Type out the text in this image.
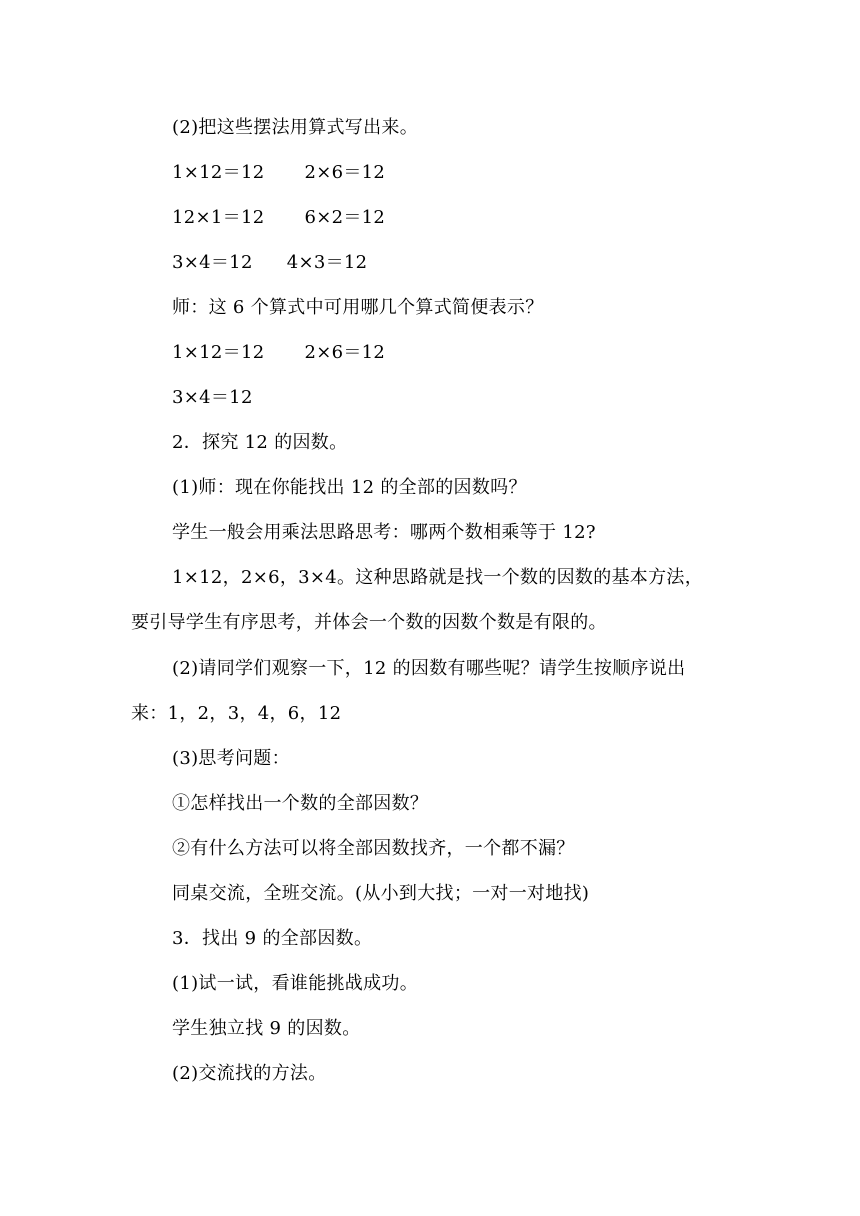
(2)把这些摆法用算式写出来。
1×12＝12 2×6＝12
12×1＝12 6×2＝12
3×4＝12 4×3＝12
师：这 6 个算式中可用哪几个算式简便表示？
1×12＝12 2×6＝12
3×4＝12
2．探究 12 的因数。
(1)师：现在你能找出 12 的全部的因数吗？
学生一般会用乘法思路思考：哪两个数相乘等于 12?
1×12，2×6，3×4。这种思路就是找一个数的因数的基本方法，
要引导学生有序思考，并体会一个数的因数个数是有限的。
(2)请同学们观察一下，12 的因数有哪些呢？请学生按顺序说出
来：1，2，3，4，6，12
(3)思考问题：
①怎样找出一个数的全部因数？
②有什么方法可以将全部因数找齐，一个都不漏？
同桌交流，全班交流。(从小到大找；一对一对地找)
3．找出 9 的全部因数。
(1)试一试，看谁能挑战成功。
学生独立找 9 的因数。
(2)交流找的方法。
